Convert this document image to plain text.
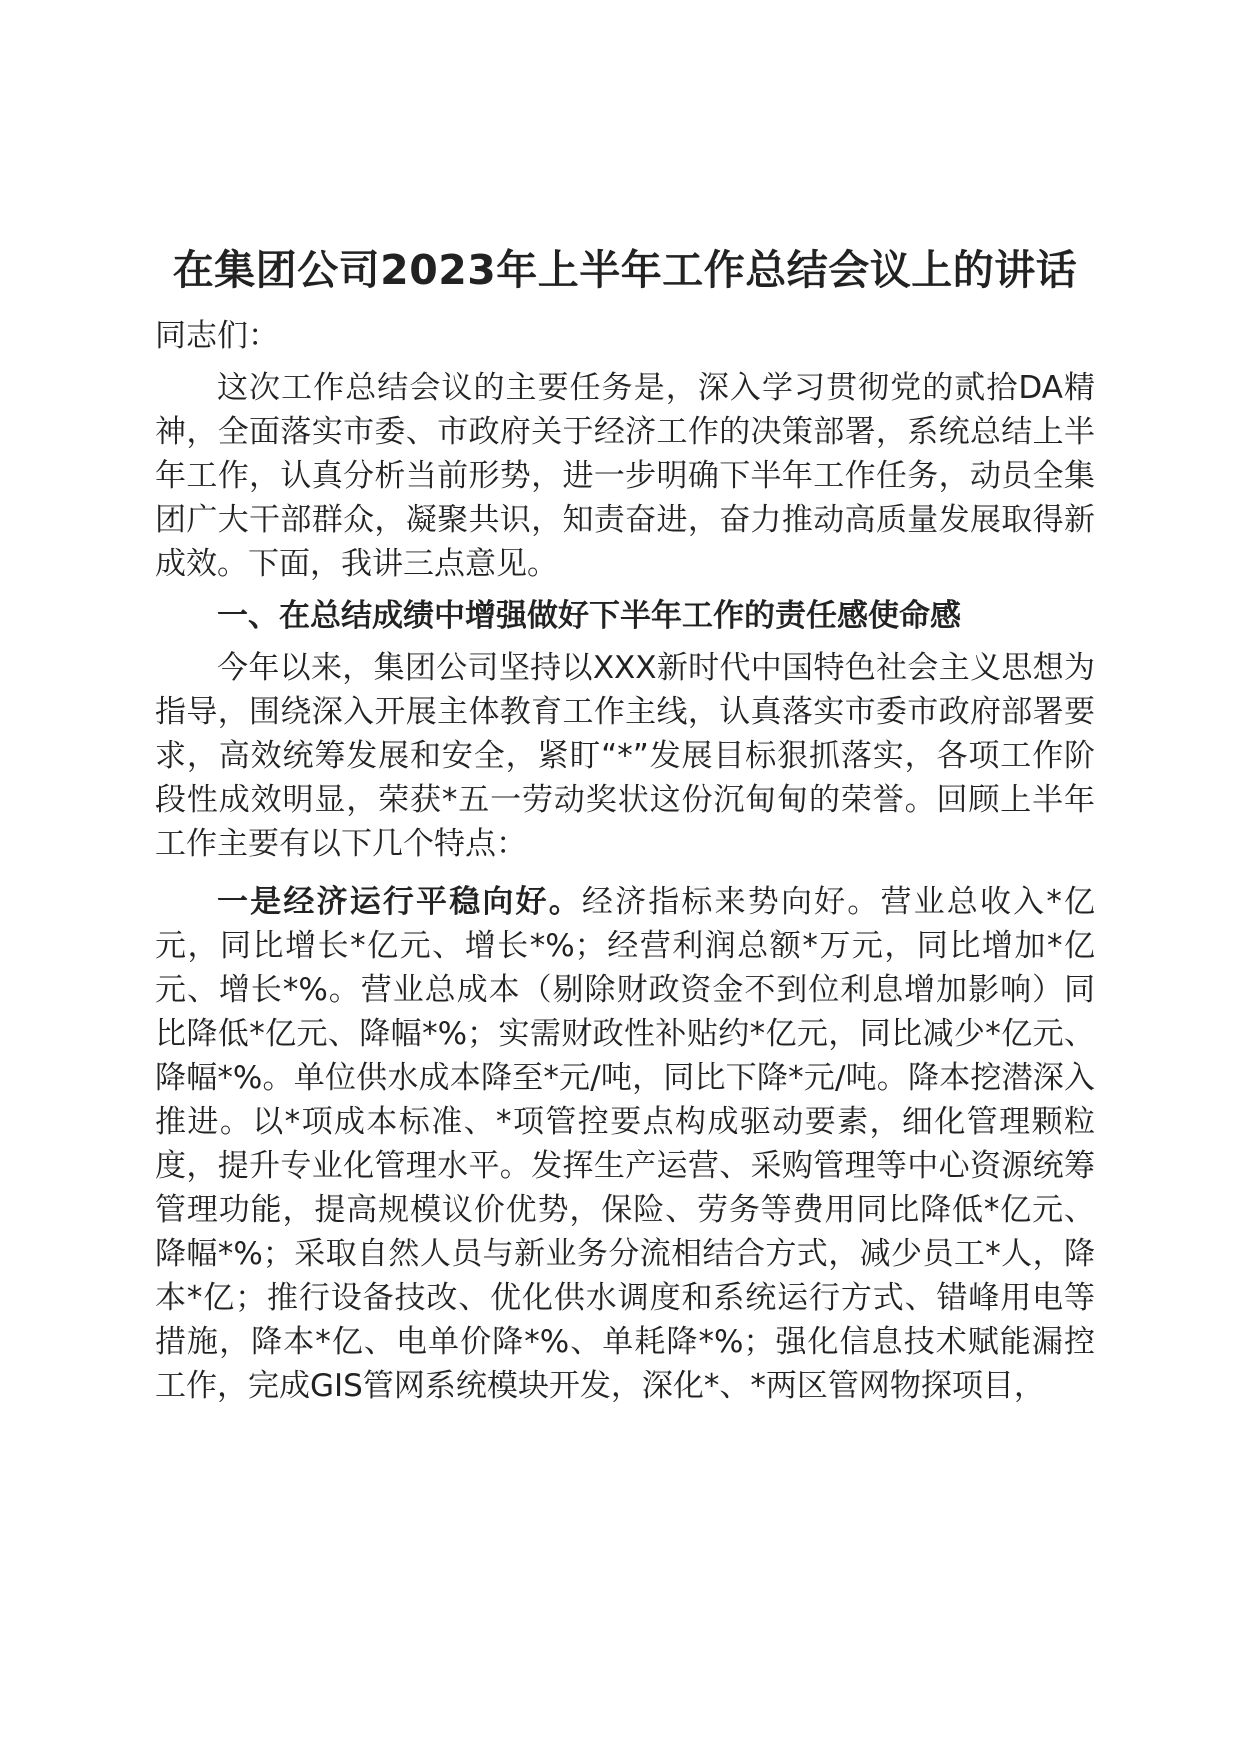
在集团公司2023年上半年工作总结会议上的讲话

同志们：

这次工作总结会议的主要任务是，深入学习贯彻党的贰拾DA精神，全面落实市委、市政府关于经济工作的决策部署，系统总结上半年工作，认真分析当前形势，进一步明确下半年工作任务，动员全集团广大干部群众，凝聚共识，知责奋进，奋力推动高质量发展取得新成效。下面，我讲三点意见。

一、在总结成绩中增强做好下半年工作的责任感使命感

今年以来，集团公司坚持以XXX新时代中国特色社会主义思想为指导，围绕深入开展主体教育工作主线，认真落实市委市政府部署要求，高效统筹发展和安全，紧盯“*”发展目标狠抓落实，各项工作阶段性成效明显，荣获*五一劳动奖状这份沉甸甸的荣誉。回顾上半年工作主要有以下几个特点：

一是经济运行平稳向好。经济指标来势向好。营业总收入*亿元，同比增长*亿元、增长*%；经营利润总额*万元，同比增加*亿元、增长*%。营业总成本（剔除财政资金不到位利息增加影响）同比降低*亿元、降幅*%；实需财政性补贴约*亿元，同比减少*亿元、降幅*%。单位供水成本降至*元/吨，同比下降*元/吨。降本挖潜深入推进。以*项成本标准、*项管控要点构成驱动要素，细化管理颗粒度，提升专业化管理水平。发挥生产运营、采购管理等中心资源统筹管理功能，提高规模议价优势，保险、劳务等费用同比降低*亿元、降幅*%；采取自然人员与新业务分流相结合方式，减少员工*人，降本*亿；推行设备技改、优化供水调度和系统运行方式、错峰用电等措施，降本*亿、电单价降*%、单耗降*%；强化信息技术赋能漏控工作，完成GIS管网系统模块开发，深化*、*两区管网物探项目，
